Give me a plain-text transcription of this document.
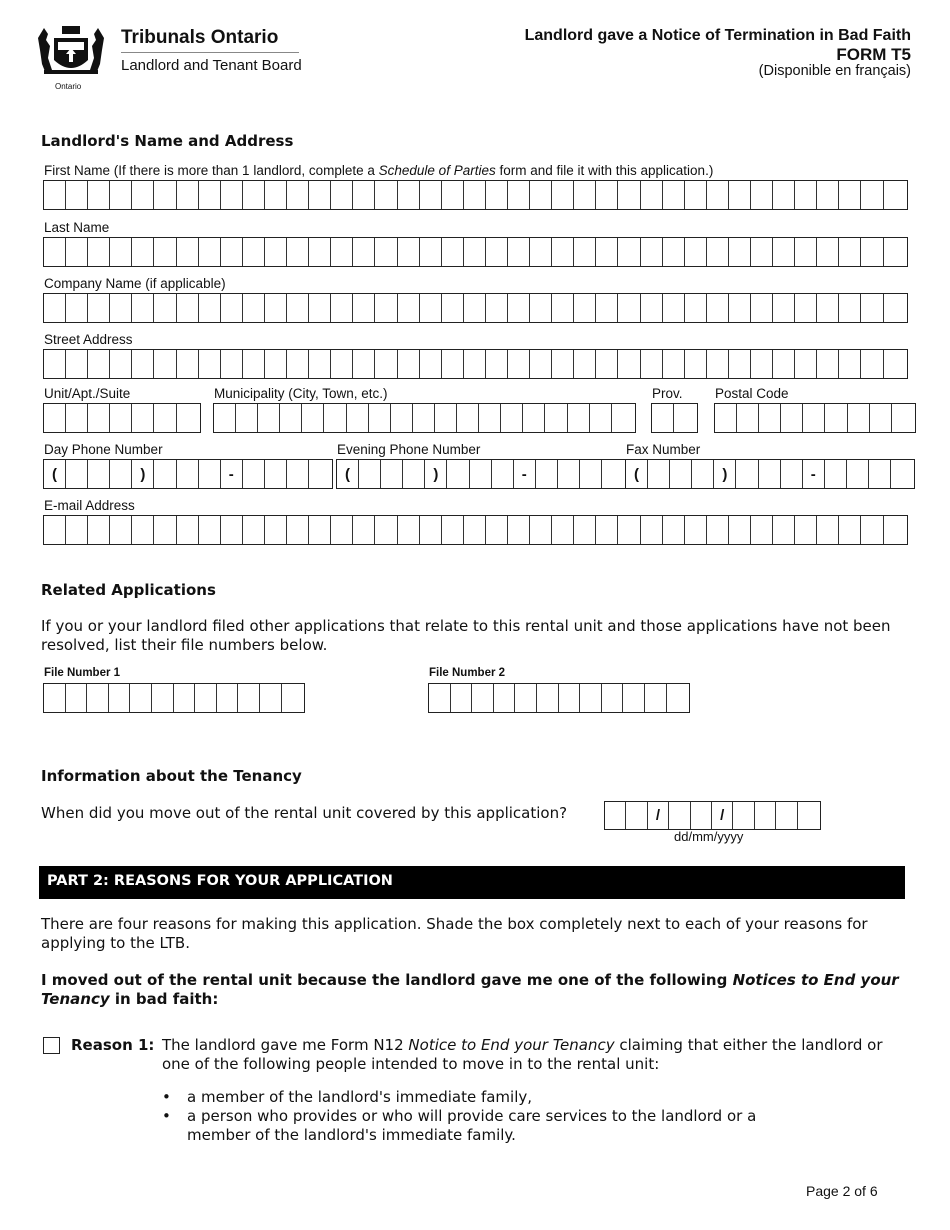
Ontario
Tribunals Ontario
Landlord and Tenant Board
Landlord gave a Notice of Termination in Bad Faith
FORM T5
(Disponible en français)
Landlord's Name and Address
First Name (If there is more than 1 landlord, complete a Schedule of Parties form and file it with this application.)
Last Name
Company Name (if applicable)
Street Address
Unit/Apt./Suite	Municipality (City, Town, etc.)	Prov. Postal Code
Day Phone Number
(	)	-
Evening Phone Number
(	)	-
Fax Number
(	)	-
E-mail Address
Related Applications
If you or your landlord filed other applications that relate to this rental unit and those applications have not been resolved, list their file numbers below.
File Number 1	File Number 2
Information about the Tenancy
When did you move out of the rental unit covered by this application?	/	/
dd/mm/yyyy
PART 2: REASONS FOR YOUR APPLICATION
There are four reasons for making this application. Shade the box completely next to each of your reasons for applying to the LTB.
I moved out of the rental unit because the landlord gave me one of the following Notices to End your Tenancy in bad faith:
Reason 1: The landlord gave me Form N12 Notice to End your Tenancy claiming that either the landlord or one of the following people intended to move in to the rental unit:
• a member of the landlord's immediate family,
• a person who provides or who will provide care services to the landlord or a member of the landlord's immediate family.
Page 2 of 6
